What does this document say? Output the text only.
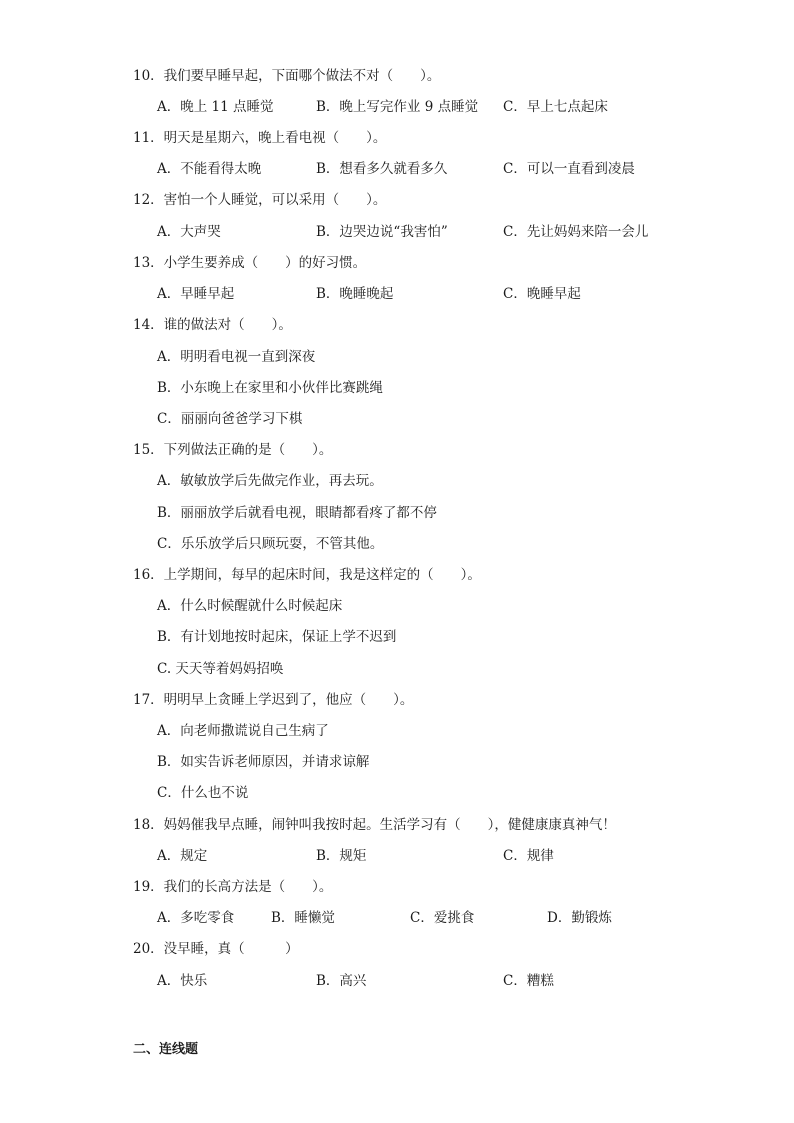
10．我们要早睡早起，下面哪个做法不对（　　）。
A．晚上 11 点睡觉	B．晚上写完作业 9 点睡觉 C．早上七点起床
11．明天是星期六，晚上看电视（　　）。
A．不能看得太晚	B．想看多久就看多久	C．可以一直看到凌晨
12．害怕一个人睡觉，可以采用（　　）。
A．大声哭	B．边哭边说“我害怕”	C．先让妈妈来陪一会儿
13．小学生要养成（　　）的好习惯。
A．早睡早起	B．晚睡晚起	C．晚睡早起
14．谁的做法对（　　）。
A．明明看电视一直到深夜
B．小东晚上在家里和小伙伴比赛跳绳
C．丽丽向爸爸学习下棋
15．下列做法正确的是（　　）。
A．敏敏放学后先做完作业，再去玩。
B．丽丽放学后就看电视，眼睛都看疼了都不停
C．乐乐放学后只顾玩耍，不管其他。
16．上学期间，每早的起床时间，我是这样定的（　　）。
A．什么时候醒就什么时候起床
B．有计划地按时起床，保证上学不迟到
C. 天天等着妈妈招唤
17．明明早上贪睡上学迟到了，他应（　　）。
A．向老师撒谎说自己生病了
B．如实告诉老师原因，并请求谅解
C．什么也不说
18．妈妈催我早点睡，闹钟叫我按时起。生活学习有（　　），健健康康真神气！
A．规定	B．规矩	C．规律
19．我们的长高方法是（　　）。
A．多吃零食	B．睡懒觉	C．爱挑食	D．勤锻炼
20．没早睡，真（　　　）
A．快乐	B．高兴	C．糟糕
二、连线题
